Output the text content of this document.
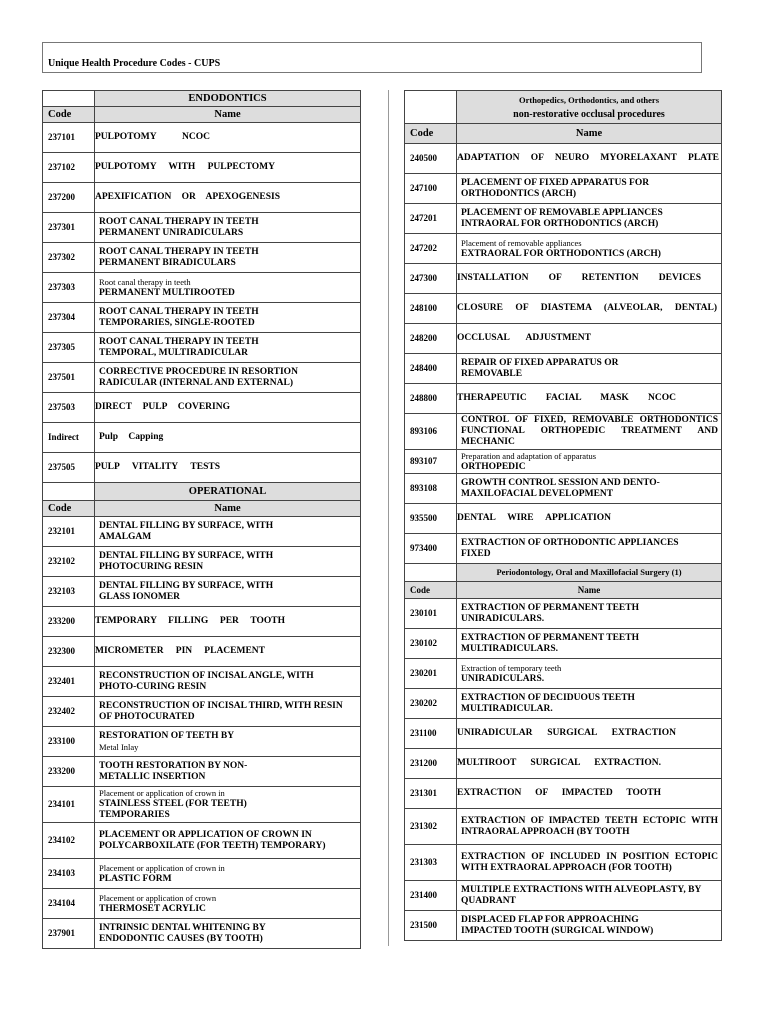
Unique Health Procedure Codes - CUPS
	ENDODONTICS
Code	Name
237101	PULPOTOMY NCOC
237102	PULPOTOMY WITH PULPECTOMY
237200	APEXIFICATION OR APEXOGENESIS
237301	ROOT CANAL THERAPY IN TEETH PERMANENT UNIRADICULARS
237302	ROOT CANAL THERAPY IN TEETH PERMANENT BIRADICULARS
237303	Root canal therapy in teeth
PERMANENT MULTIROOTED

237304	ROOT CANAL THERAPY IN TEETH TEMPORARIES, SINGLE-ROOTED
237305	ROOT CANAL THERAPY IN TEETH TEMPORAL, MULTIRADICULAR
237501	CORRECTIVE PROCEDURE IN RESORTION RADICULAR (INTERNAL AND EXTERNAL)
237503	DIRECT PULP COVERING
Indirect	Pulp Capping
237505	PULP VITALITY TESTS
	OPERATIONAL
Code	Name
232101	DENTAL FILLING BY SURFACE, WITH AMALGAM
232102	DENTAL FILLING BY SURFACE, WITH PHOTOCURING RESIN
232103	DENTAL FILLING BY SURFACE, WITH GLASS IONOMER
233200	TEMPORARY FILLING PER TOOTH
232300	MICROMETER PIN PLACEMENT
232401	RECONSTRUCTION OF INCISAL ANGLE, WITH PHOTO-CURING RESIN
232402	RECONSTRUCTION OF INCISAL THIRD, WITH RESIN OF PHOTOCURATED
233100	RESTORATION OF TEETH BY
Metal Inlay

233200	TOOTH RESTORATION BY NON-METALLIC INSERTION
234101	Placement or application of crown in
STAINLESS STEEL (FOR TEETH) TEMPORARIES

234102	PLACEMENT OR APPLICATION OF CROWN IN POLYCARBOXILATE (FOR TEETH) TEMPORARY)
234103	Placement or application of crown in
PLASTIC FORM

234104	Placement or application of crown
THERMOSET ACRYLIC

237901	INTRINSIC DENTAL WHITENING BY ENDODONTIC CAUSES (BY TOOTH)

	Orthopedics, Orthodontics, and others
non-restorative occlusal procedures

Code	Name
240500	ADAPTATION OF NEURO MYORELAXANT PLATE
247100	PLACEMENT OF FIXED APPARATUS FOR ORTHODONTICS (ARCH)
247201	PLACEMENT OF REMOVABLE APPLIANCES INTRAORAL FOR ORTHODONTICS (ARCH)
247202	Placement of removable appliances
EXTRAORAL FOR ORTHODONTICS (ARCH)

247300	INSTALLATION OF RETENTION DEVICES
248100	CLOSURE OF DIASTEMA (ALVEOLAR, DENTAL)
248200	OCCLUSAL ADJUSTMENT
248400	REPAIR OF FIXED APPARATUS OR REMOVABLE
248800	THERAPEUTIC FACIAL MASK NCOC
893106	CONTROL OF FIXED, REMOVABLE ORTHODONTICS FUNCTIONAL ORTHOPEDIC TREATMENT AND MECHANIC
893107	Preparation and adaptation of apparatus
ORTHOPEDIC

893108	GROWTH CONTROL SESSION AND DENTO-MAXILOFACIAL DEVELOPMENT
935500	DENTAL WIRE APPLICATION
973400	EXTRACTION OF ORTHODONTIC APPLIANCES FIXED
	Periodontology, Oral and Maxillofacial Surgery (1)
Code	Name
230101	EXTRACTION OF PERMANENT TEETH UNIRADICULARS.
230102	EXTRACTION OF PERMANENT TEETH MULTIRADICULARS.
230201	Extraction of temporary teeth
UNIRADICULARS.

230202	EXTRACTION OF DECIDUOUS TEETH MULTIRADICULAR.
231100	UNIRADICULAR SURGICAL EXTRACTION
231200	MULTIROOT SURGICAL EXTRACTION.
231301	EXTRACTION OF IMPACTED TOOTH
231302	EXTRACTION OF IMPACTED TEETH ECTOPIC WITH INTRAORAL APPROACH (BY TOOTH
231303	EXTRACTION OF INCLUDED IN POSITION ECTOPIC WITH EXTRAORAL APPROACH (FOR TOOTH)
231400	MULTIPLE EXTRACTIONS WITH ALVEOPLASTY, BY QUADRANT
231500	DISPLACED FLAP FOR APPROACHING IMPACTED TOOTH (SURGICAL WINDOW)
